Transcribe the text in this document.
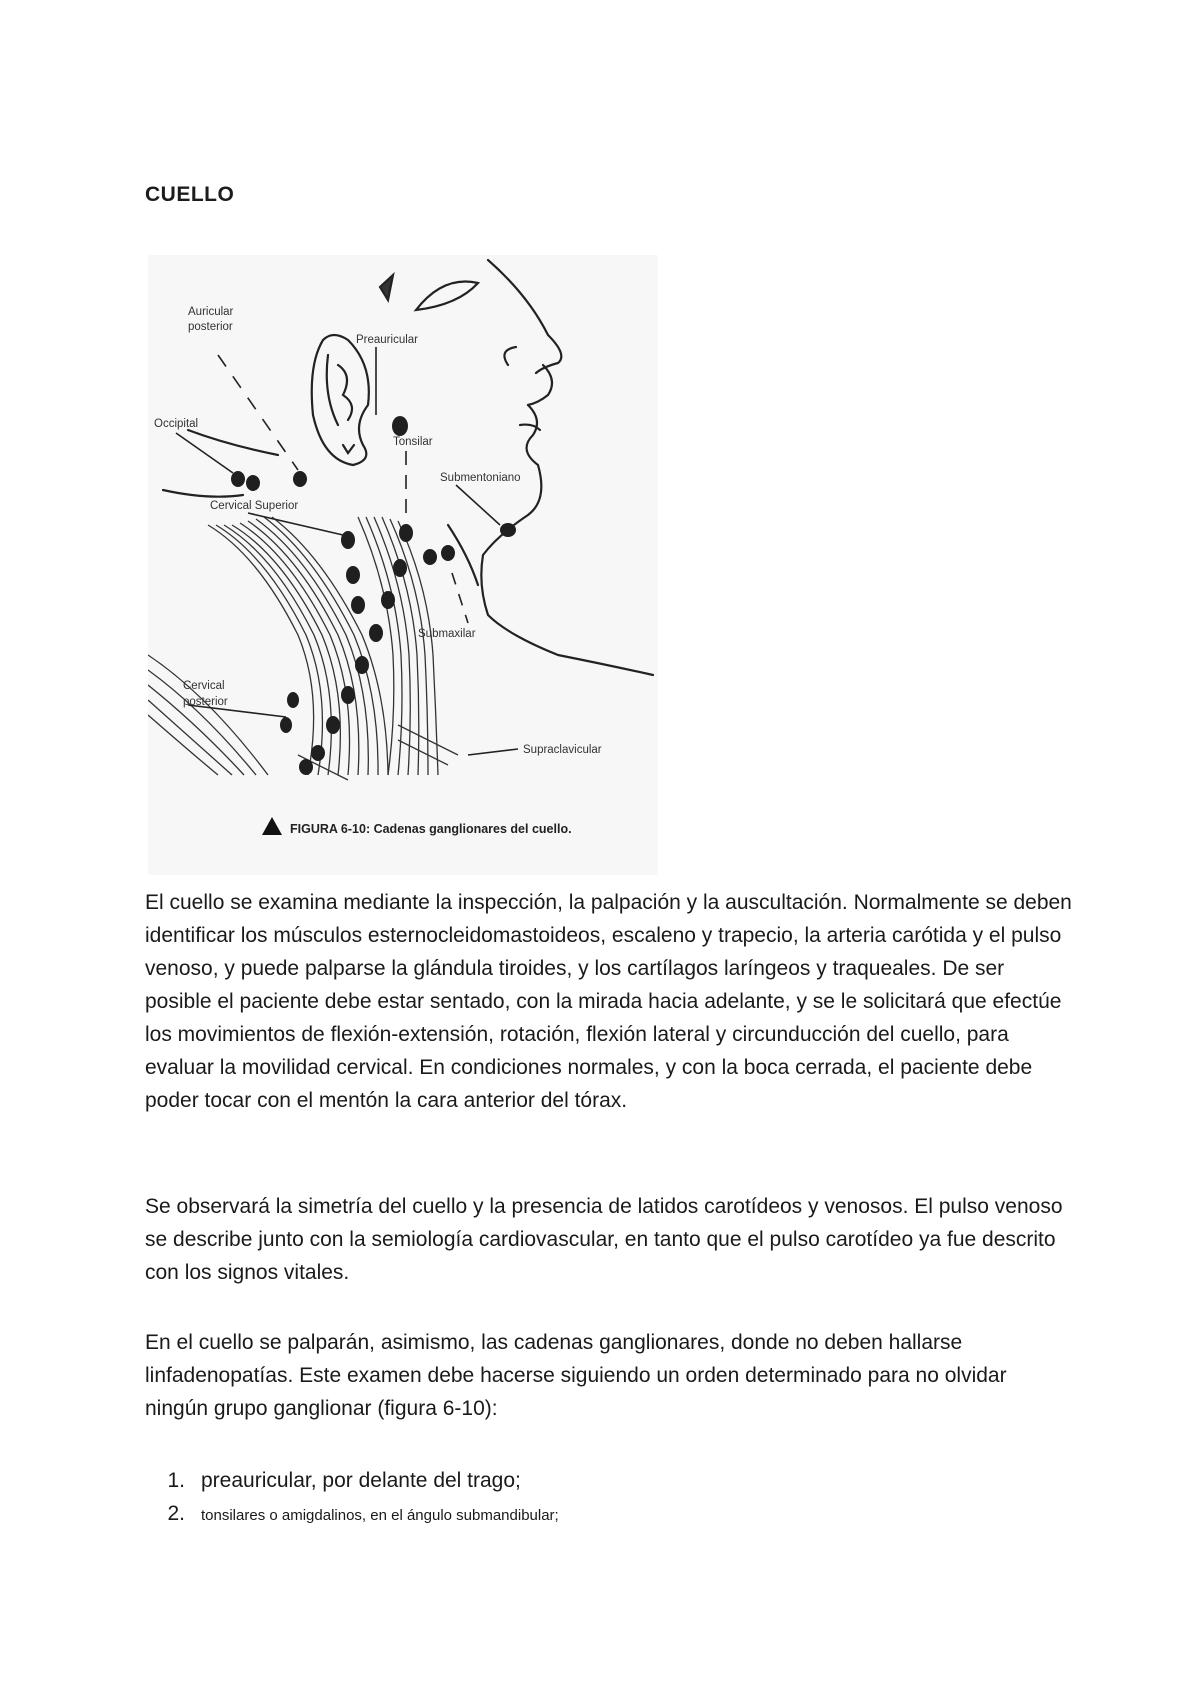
CUELLO
Auricular
posterior
Preauricular
Occipital
Tonsilar
Submentoniano
Cervical Superior
Submaxilar
Cervical
posterior
Supraclavicular
FIGURA 6-10: Cadenas ganglionares del cuello.

El cuello se examina mediante la inspección, la palpación y la auscultación. Normalmente se deben identificar los músculos esternocleidomastoideos, escaleno y trapecio, la arteria carótida y el pulso venoso, y puede palparse la glándula tiroides, y los cartílagos laríngeos y traqueales. De ser posible el paciente debe estar sentado, con la mirada hacia adelante, y se le solicitará que efectúe los movimientos de flexión-extensión, rotación, flexión lateral y circunducción del cuello, para evaluar la movilidad cervical. En condiciones normales, y con la boca cerrada, el paciente debe poder tocar con el mentón la cara anterior del tórax.

Se observará la simetría del cuello y la presencia de latidos carotídeos y venosos. El pulso venoso se describe junto con la semiología cardiovascular, en tanto que el pulso carotídeo ya fue descrito con los signos vitales.

En el cuello se palparán, asimismo, las cadenas ganglionares, donde no deben hallarse linfadenopatías. Este examen debe hacerse siguiendo un orden determinado para no olvidar ningún grupo ganglionar (figura 6-10):

1. preauricular, por delante del trago;
2.	tonsilares o amigdalinos, en el ángulo submandibular;
